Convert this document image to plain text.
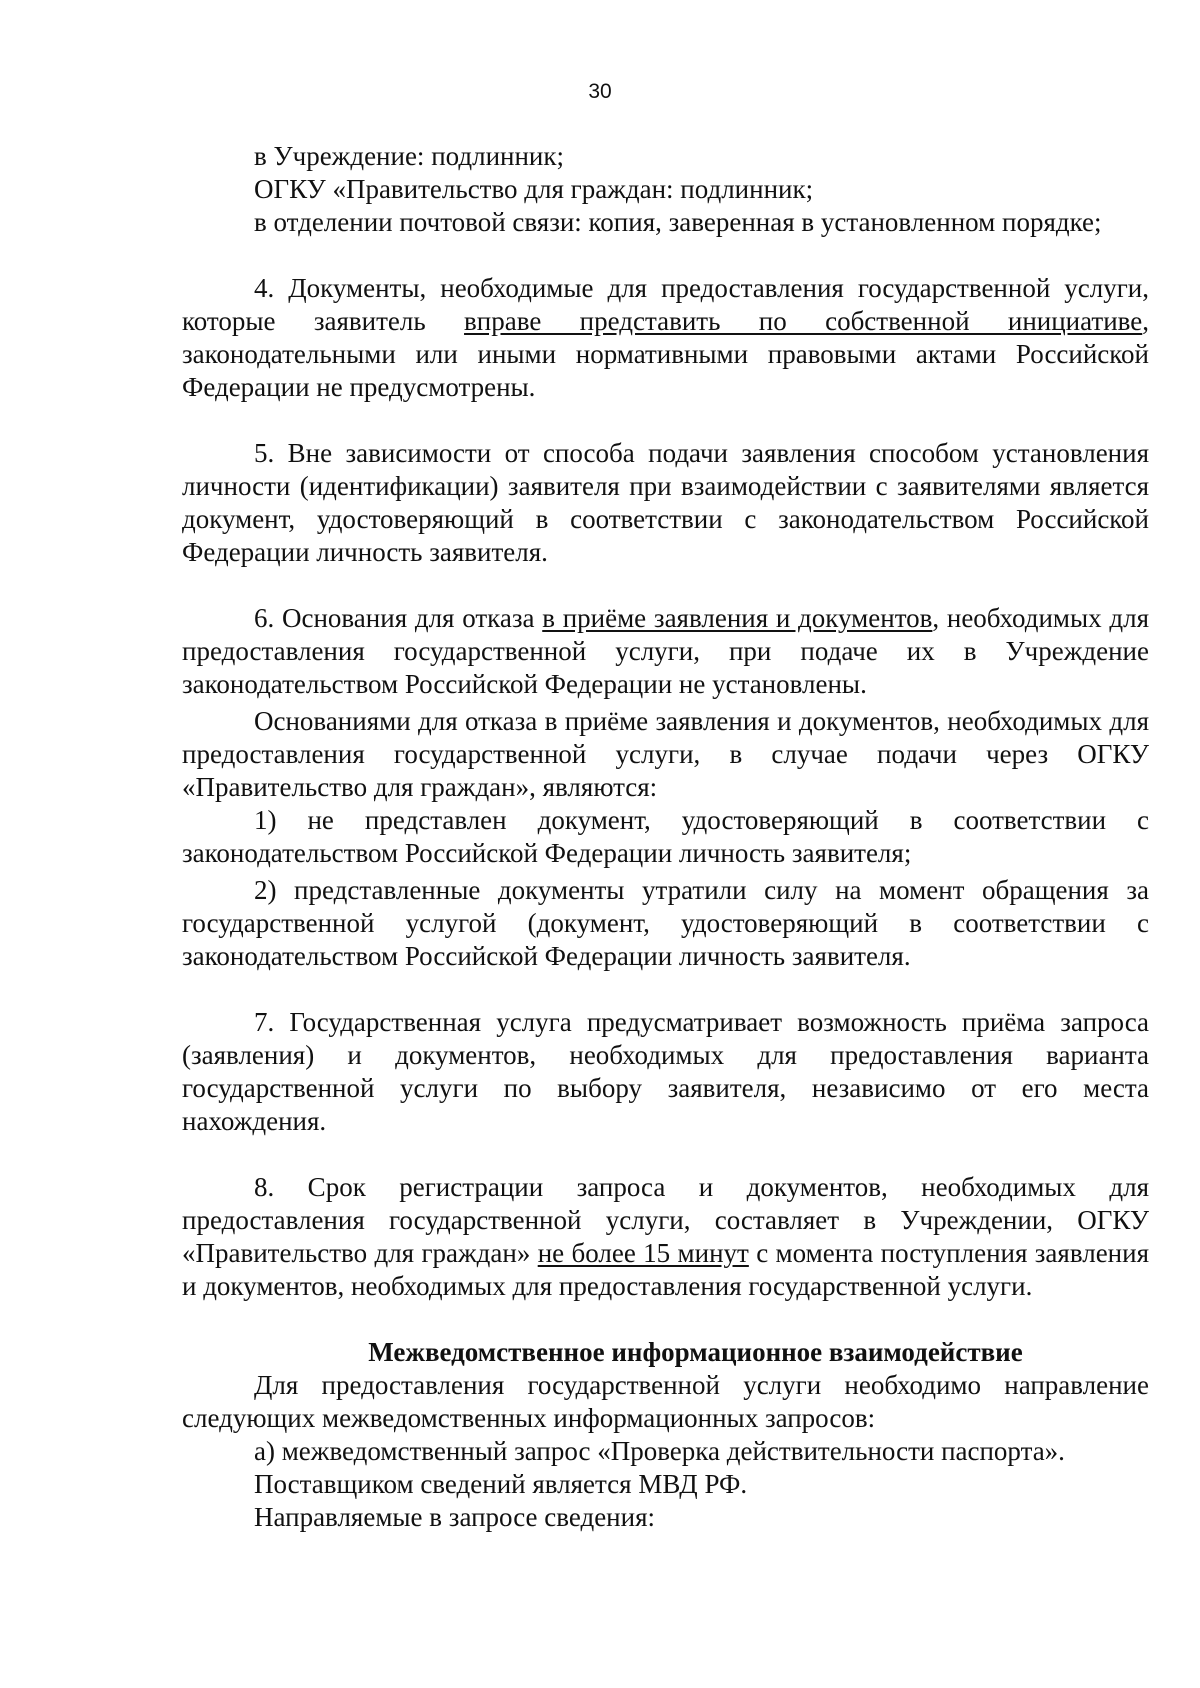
30

в Учреждение: подлинник;

ОГКУ «Правительство для граждан: подлинник;

в отделении почтовой связи: копия, заверенная в установленном порядке;

4. Документы, необходимые для предоставления государственной услуги, которые заявитель вправе представить по собственной инициативе, законодательными или иными нормативными правовыми актами Российской Федерации не предусмотрены.

5. Вне зависимости от способа подачи заявления способом установления личности (идентификации) заявителя при взаимодействии с заявителями является документ, удостоверяющий в соответствии с законодательством Российской Федерации личность заявителя.

6. Основания для отказа в приёме заявления и документов, необходимых для предоставления государственной услуги, при подаче их в Учреждение законодательством Российской Федерации не установлены.

Основаниями для отказа в приёме заявления и документов, необходимых для предоставления государственной услуги, в случае подачи через ОГКУ «Правительство для граждан», являются:

1) не представлен документ, удостоверяющий в соответствии с законодательством Российской Федерации личность заявителя;

2) представленные документы утратили силу на момент обращения за государственной услугой (документ, удостоверяющий в соответствии с законодательством Российской Федерации личность заявителя.

7. Государственная услуга предусматривает возможность приёма запроса (заявления) и документов, необходимых для предоставления варианта государственной услуги по выбору заявителя, независимо от его места нахождения.

8. Срок регистрации запроса и документов, необходимых для предоставления государственной услуги, составляет в Учреждении, ОГКУ «Правительство для граждан» не более 15 минут с момента поступления заявления и документов, необходимых для предоставления государственной услуги.

Межведомственное информационное взаимодействие

Для предоставления государственной услуги необходимо направление следующих межведомственных информационных запросов:

а) межведомственный запрос «Проверка действительности паспорта».

Поставщиком сведений является МВД РФ.

Направляемые в запросе сведения:
